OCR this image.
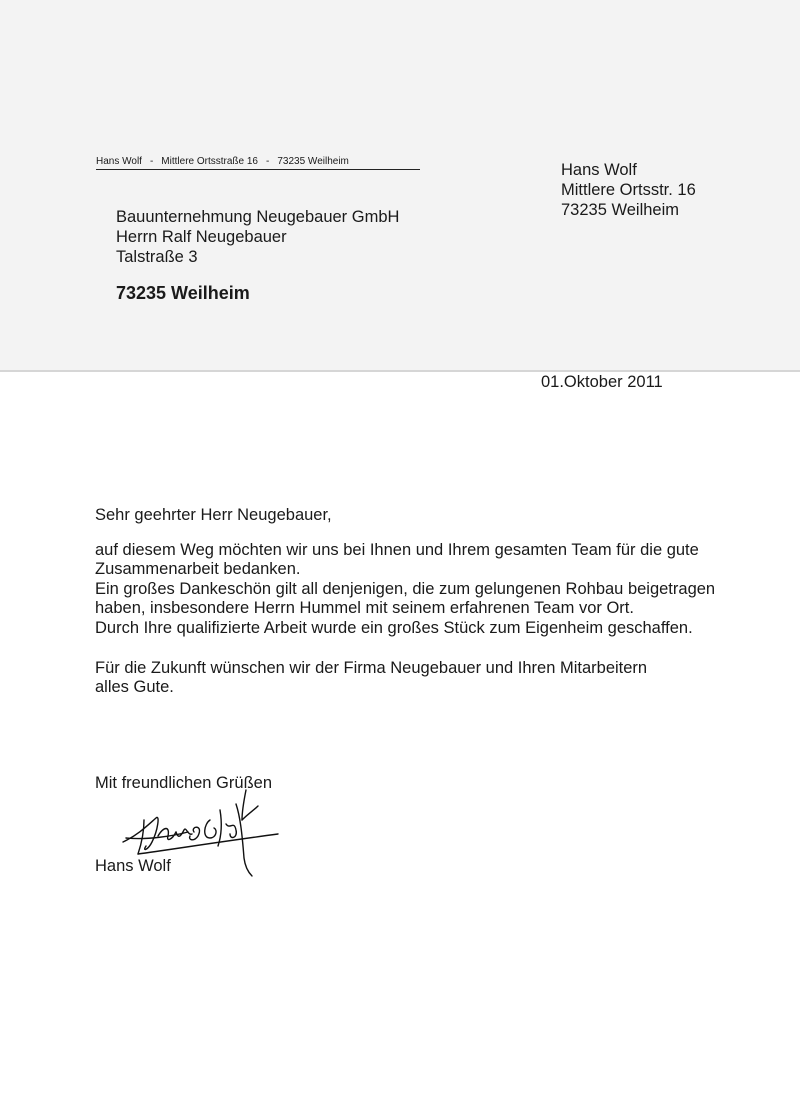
Hans Wolf - Mittlere Ortsstraße 16 - 73235 Weilheim
Bauunternehmung Neugebauer GmbH
Herrn Ralf Neugebauer
Talstraße 3
73235 Weilheim
Hans Wolf
Mittlere Ortsstr. 16
73235 Weilheim
01.Oktober 2011

Sehr geehrter Herr Neugebauer,

auf diesem Weg möchten wir uns bei Ihnen und Ihrem gesamten Team für die gute

Zusammenarbeit bedanken.

Ein großes Dankeschön gilt all denjenigen, die zum gelungenen Rohbau beigetragen

haben, insbesondere Herrn Hummel mit seinem erfahrenen Team vor Ort.

Durch Ihre qualifizierte Arbeit wurde ein großes Stück zum Eigenheim geschaffen.

Für die Zukunft wünschen wir der Firma Neugebauer und Ihren Mitarbeitern

alles Gute.

Mit freundlichen Grüßen
Hans Wolf
